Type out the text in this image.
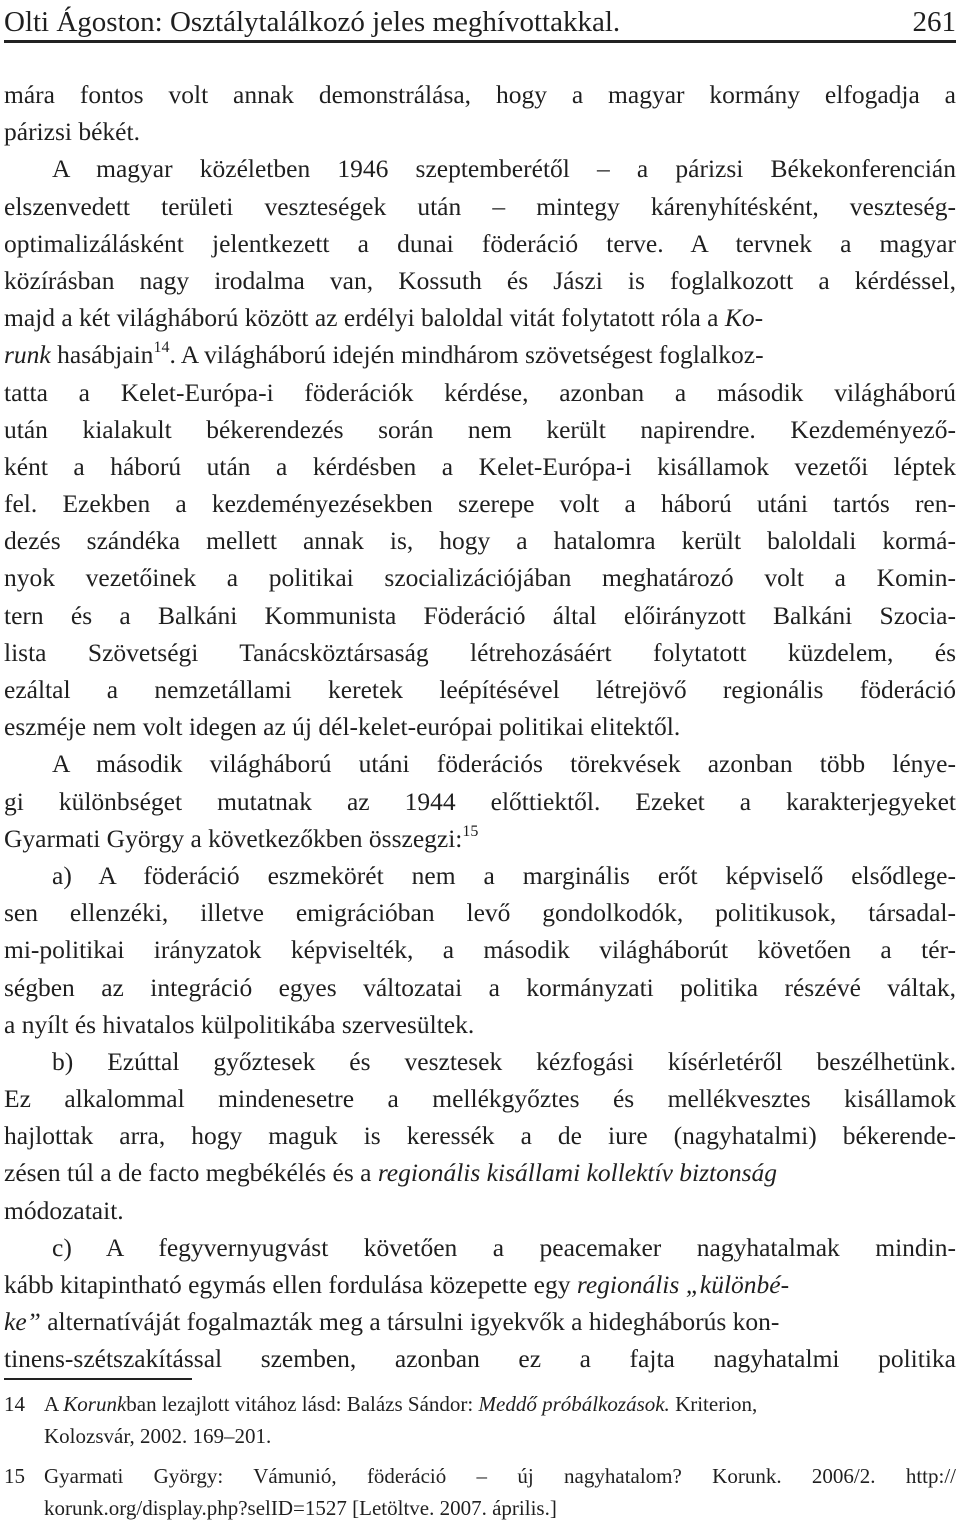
Olti Ágoston: Osztálytalálkozó jeles meghívottakkal.	261
mára fontos volt annak demonstrálása, hogy a magyar kormány elfogadja a
párizsi békét.
A magyar közéletben 1946 szeptemberétől – a párizsi Békekonferencián
elszenvedett területi veszteségek után – mintegy kárenyhítésként, veszteség-
optimalizálásként jelentkezett a dunai föderáció terve. A tervnek a magyar
közírásban nagy irodalma van, Kossuth és Jászi is foglalkozott a kérdéssel,
majd a két világháború között az erdélyi baloldal vitát folytatott róla a Ko-
runk hasábjain$^{14}$. A világháború idején mindhárom szövetségest foglalkoz-
tatta a Kelet-Európa-i föderációk kérdése, azonban a második világháború
után kialakult békerendezés során nem került napirendre. Kezdeményező-
ként a háború után a kérdésben a Kelet-Európa-i kisállamok vezetői léptek
fel. Ezekben a kezdeményezésekben szerepe volt a háború utáni tartós ren-
dezés szándéka mellett annak is, hogy a hatalomra került baloldali kormá-
nyok vezetőinek a politikai szocializációjában meghatározó volt a Komin-
tern és a Balkáni Kommunista Föderáció által előirányzott Balkáni Szocia-
lista Szövetségi Tanácsköztársaság létrehozásáért folytatott küzdelem, és
ezáltal a nemzetállami keretek leépítésével létrejövő regionális föderáció
eszméje nem volt idegen az új dél-kelet-európai politikai elitektől.
A második világháború utáni föderációs törekvések azonban több lénye-
gi különbséget mutatnak az 1944 előttiektől. Ezeket a karakterjegyeket
Gyarmati György a következőkben összegzi:$^{15}$
a) A föderáció eszmekörét nem a marginális erőt képviselő elsődlege-
sen ellenzéki, illetve emigrációban levő gondolkodók, politikusok, társadal-
mi-politikai irányzatok képviselték, a második világháborút követően a tér-
ségben az integráció egyes változatai a kormányzati politika részévé váltak,
a nyílt és hivatalos külpolitikába szervesültek.
b) Ezúttal győztesek és vesztesek kézfogási kísérletéről beszélhetünk.
Ez alkalommal mindenesetre a mellékgyőztes és mellékvesztes kisállamok
hajlottak arra, hogy maguk is keressék a de iure (nagyhatalmi) békerende-
zésen túl a de facto megbékélés és a regionális kisállami kollektív biztonság
módozatait.
c) A fegyvernyugvást követően a peacemaker nagyhatalmak mindin-
kább kitapintható egymás ellen fordulása közepette egy regionális „különbé-
ke” alternatíváját fogalmazták meg a társulni igyekvők a hidegháborús kon-
tinens-szétszakítással szemben, azonban ez a fajta nagyhatalmi politika
14 A Korunkban lezajlott vitához lásd: Balázs Sándor: Meddő próbálkozások. Kriterion,
Kolozsvár, 2002. 169–201.
15 Gyarmati György: Vámunió, föderáció – új nagyhatalom? Korunk. 2006/2. http://
korunk.org/display.php?selID=1527 [Letöltve. 2007. április.]
